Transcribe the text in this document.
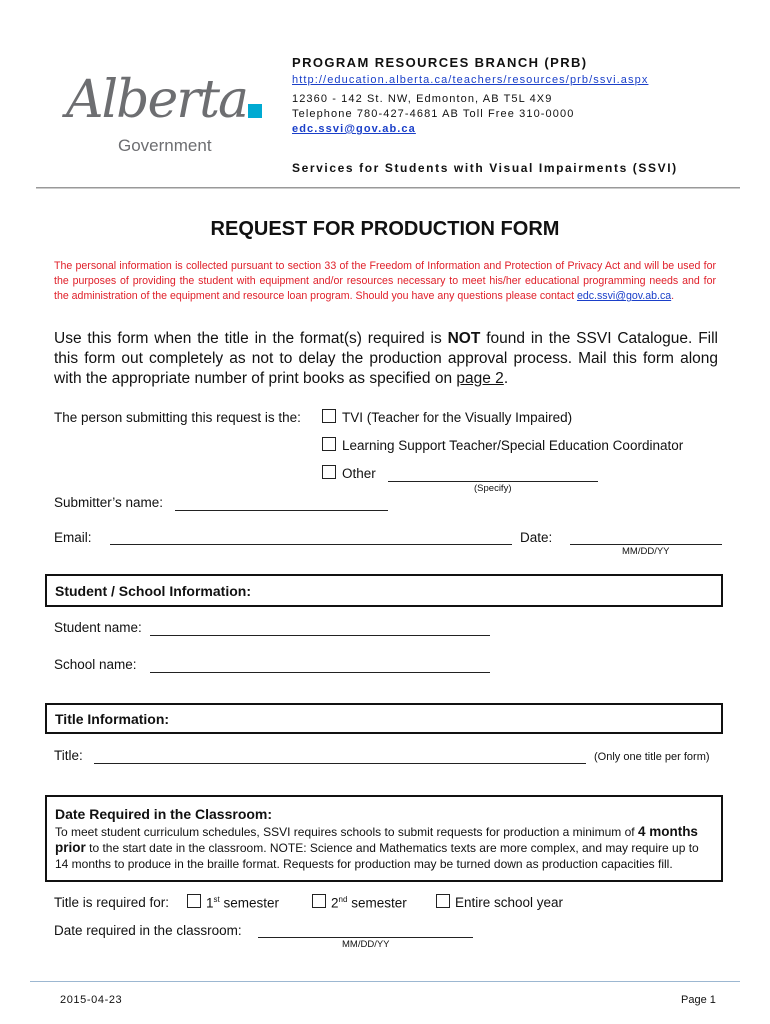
Alberta
Government
PROGRAM RESOURCES BRANCH (PRB)
http://education.alberta.ca/teachers/resources/prb/ssvi.aspx
12360 - 142 St. NW, Edmonton, AB T5L 4X9
Telephone 780-427-4681 AB Toll Free 310-0000
edc.ssvi@gov.ab.ca
Services for Students with Visual Impairments (SSVI)
REQUEST FOR PRODUCTION FORM
The personal information is collected pursuant to section 33 of the Freedom of Information and Protection of Privacy Act and will be used for the purposes of providing the student with equipment and/or resources necessary to meet his/her educational programming needs and for the administration of the equipment and resource loan program. Should you have any questions please contact edc.ssvi@gov.ab.ca.
Use this form when the title in the format(s) required is NOT found in the SSVI Catalogue. Fill this form out completely as not to delay the production approval process. Mail this form along with the appropriate number of print books as specified on page 2.
The person submitting this request is the:	TVI (Teacher for the Visually Impaired)
Learning Support Teacher/Special Education Coordinator
Other
(Specify)
Submitter’s name:
Email:	Date:
MM/DD/YY
Student / School Information:
Student name:
School name:
Title Information:
Title:	(Only one title per form)
Date Required in the Classroom:
To meet student curriculum schedules, SSVI requires schools to submit requests for production a minimum of 4 months prior to the start date in the classroom. NOTE: Science and Mathematics texts are more complex, and may require up to 14 months to produce in the braille format. Requests for production may be turned down as production capacities fill.
Title is required for:	1st semester	2nd semester	Entire school year
Date required in the classroom:
MM/DD/YY
2015-04-23	Page 1
